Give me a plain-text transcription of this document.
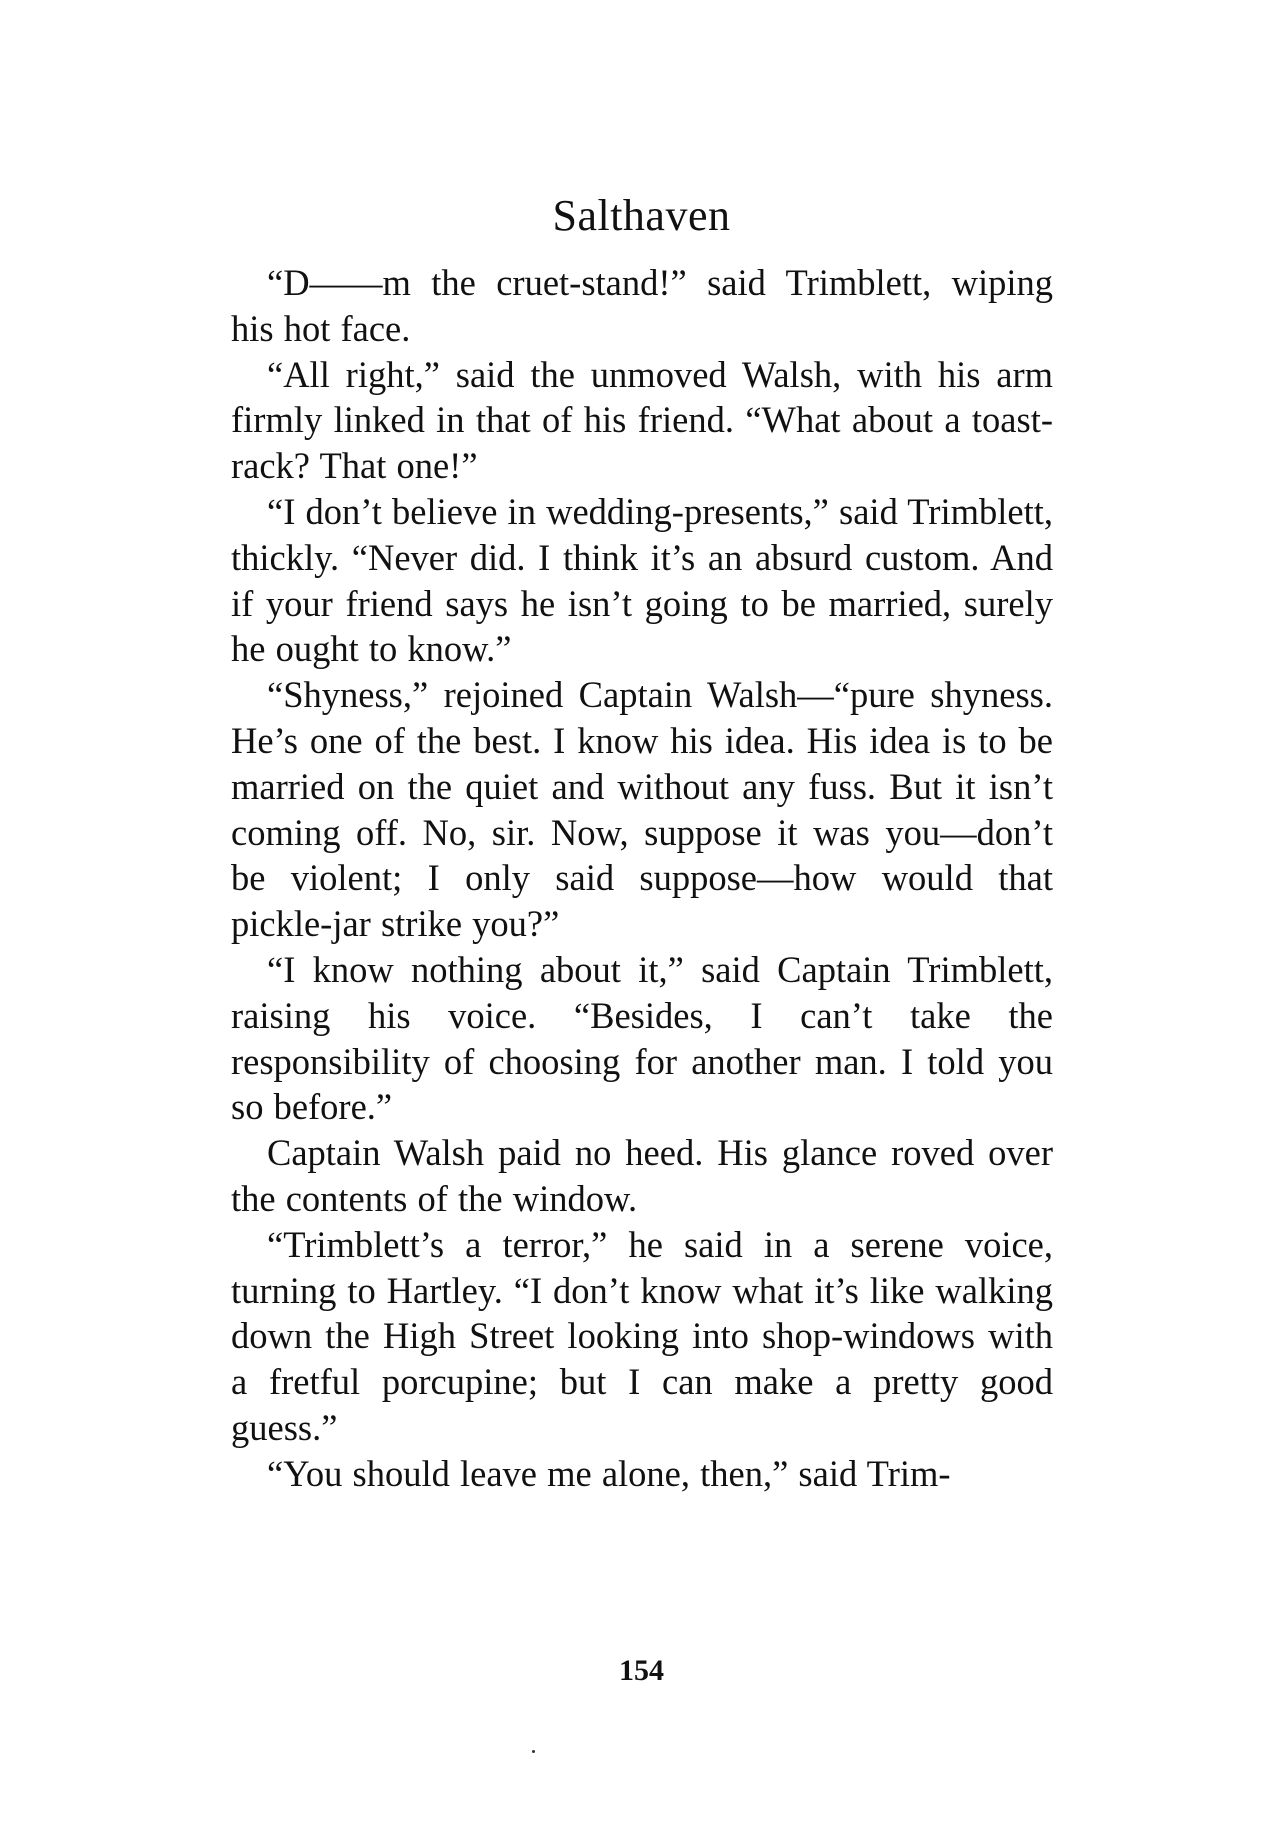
Salthaven

“D——m the cruet-stand!” said Trimblett, wiping his hot face.

“All right,” said the unmoved Walsh, with his arm firmly linked in that of his friend. “What about a toast-rack? That one!”

“I don’t believe in wedding-presents,” said Trimblett, thickly. “Never did. I think it’s an absurd custom. And if your friend says he isn’t going to be married, surely he ought to know.”

“Shyness,” rejoined Captain Walsh—“pure shyness. He’s one of the best. I know his idea. His idea is to be married on the quiet and without any fuss. But it isn’t coming off. No, sir. Now, suppose it was you—don’t be violent; I only said suppose—how would that pickle-jar strike you?”

“I know nothing about it,” said Captain Trimblett, raising his voice. “Besides, I can’t take the responsibility of choosing for another man. I told you so before.”

Captain Walsh paid no heed. His glance roved over the contents of the window.

“Trimblett’s a terror,” he said in a serene voice, turning to Hartley. “I don’t know what it’s like walking down the High Street looking into shop-windows with a fretful porcupine; but I can make a pretty good guess.”

“You should leave me alone, then,” said Trim-

154
